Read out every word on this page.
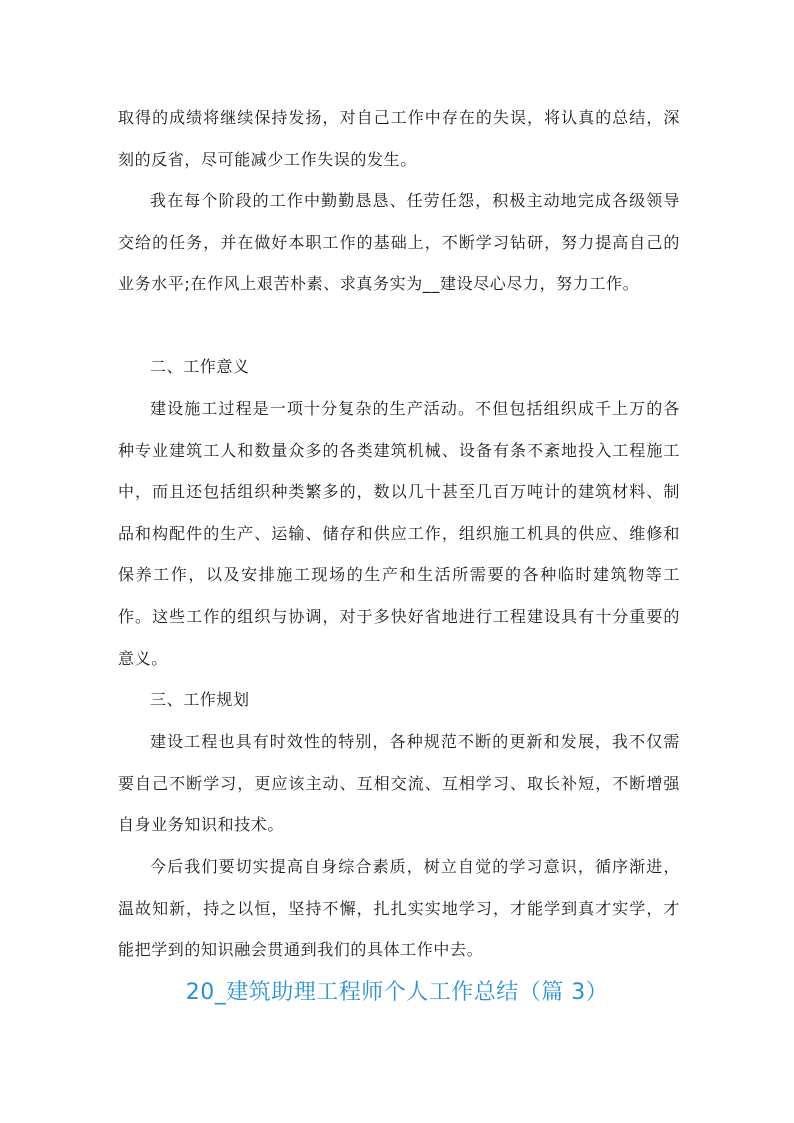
取得的成绩将继续保持发扬，对自己工作中存在的失误，将认真的总结，深刻的反省，尽可能减少工作失误的发生。

我在每个阶段的工作中勤勤恳恳、任劳任怨，积极主动地完成各级领导交给的任务，并在做好本职工作的基础上，不断学习钻研，努力提高自己的业务水平;在作风上艰苦朴素、求真务实为__建设尽心尽力，努力工作。

二、工作意义

建设施工过程是一项十分复杂的生产活动。不但包括组织成千上万的各种专业建筑工人和数量众多的各类建筑机械、设备有条不紊地投入工程施工中，而且还包括组织种类繁多的，数以几十甚至几百万吨计的建筑材料、制品和构配件的生产、运输、储存和供应工作，组织施工机具的供应、维修和保养工作，以及安排施工现场的生产和生活所需要的各种临时建筑物等工作。这些工作的组织与协调，对于多快好省地进行工程建设具有十分重要的意义。

三、工作规划

建设工程也具有时效性的特别，各种规范不断的更新和发展，我不仅需要自己不断学习，更应该主动、互相交流、互相学习、取长补短，不断增强自身业务知识和技术。

今后我们要切实提高自身综合素质，树立自觉的学习意识，循序渐进，温故知新，持之以恒，坚持不懈，扎扎实实地学习，才能学到真才实学，才能把学到的知识融会贯通到我们的具体工作中去。

20_建筑助理工程师个人工作总结（篇 3）
